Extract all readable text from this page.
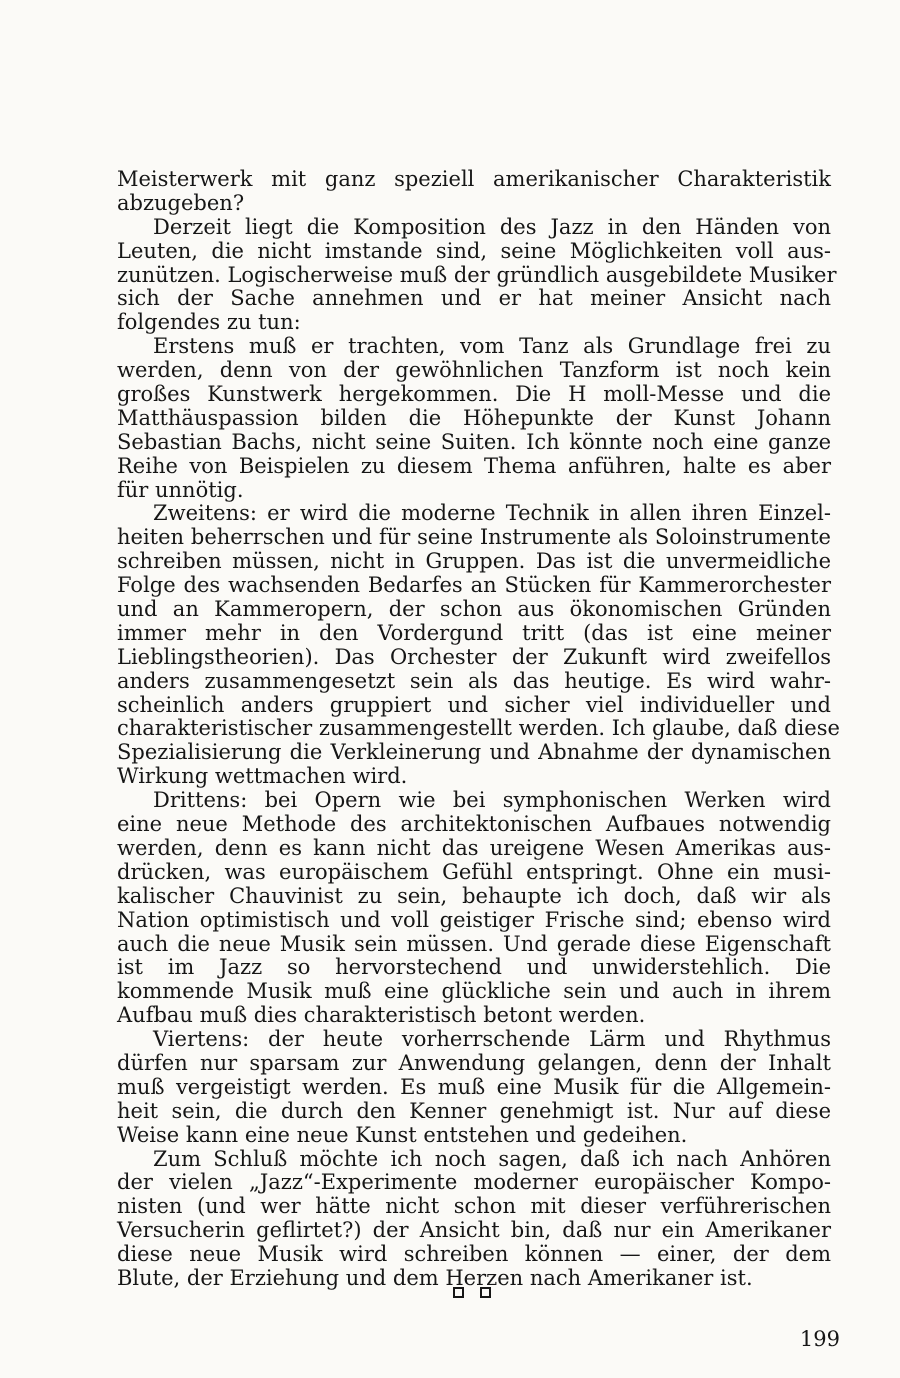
Meisterwerk mit ganz speziell amerikanischer Charakteristik
abzugeben?
Derzeit liegt die Komposition des Jazz in den Händen von
Leuten, die nicht imstande sind, seine Möglichkeiten voll aus-
zunützen. Logischerweise muß der gründlich ausgebildete Musiker
sich der Sache annehmen und er hat meiner Ansicht nach
folgendes zu tun:
Erstens muß er trachten, vom Tanz als Grundlage frei zu
werden, denn von der gewöhnlichen Tanzform ist noch kein
großes Kunstwerk hergekommen. Die H moll-Messe und die
Matthäuspassion bilden die Höhepunkte der Kunst Johann
Sebastian Bachs, nicht seine Suiten. Ich könnte noch eine ganze
Reihe von Beispielen zu diesem Thema anführen, halte es aber
für unnötig.
Zweitens: er wird die moderne Technik in allen ihren Einzel-
heiten beherrschen und für seine Instrumente als Soloinstrumente
schreiben müssen, nicht in Gruppen. Das ist die unvermeidliche
Folge des wachsenden Bedarfes an Stücken für Kammerorchester
und an Kammeropern, der schon aus ökonomischen Gründen
immer mehr in den Vordergund tritt (das ist eine meiner
Lieblingstheorien). Das Orchester der Zukunft wird zweifellos
anders zusammengesetzt sein als das heutige. Es wird wahr-
scheinlich anders gruppiert und sicher viel individueller und
charakteristischer zusammengestellt werden. Ich glaube, daß diese
Spezialisierung die Verkleinerung und Abnahme der dynamischen
Wirkung wettmachen wird.
Drittens: bei Opern wie bei symphonischen Werken wird
eine neue Methode des architektonischen Aufbaues notwendig
werden, denn es kann nicht das ureigene Wesen Amerikas aus-
drücken, was europäischem Gefühl entspringt. Ohne ein musi-
kalischer Chauvinist zu sein, behaupte ich doch, daß wir als
Nation optimistisch und voll geistiger Frische sind; ebenso wird
auch die neue Musik sein müssen. Und gerade diese Eigenschaft
ist im Jazz so hervorstechend und unwiderstehlich. Die
kommende Musik muß eine glückliche sein und auch in ihrem
Aufbau muß dies charakteristisch betont werden.
Viertens: der heute vorherrschende Lärm und Rhythmus
dürfen nur sparsam zur Anwendung gelangen, denn der Inhalt
muß vergeistigt werden. Es muß eine Musik für die Allgemein-
heit sein, die durch den Kenner genehmigt ist. Nur auf diese
Weise kann eine neue Kunst entstehen und gedeihen.
Zum Schluß möchte ich noch sagen, daß ich nach Anhören
der vielen „Jazz“-Experimente moderner europäischer Kompo-
nisten (und wer hätte nicht schon mit dieser verführerischen
Versucherin geflirtet?) der Ansicht bin, daß nur ein Amerikaner
diese neue Musik wird schreiben können — einer, der dem
Blute, der Erziehung und dem Herzen nach Amerikaner ist.
199
